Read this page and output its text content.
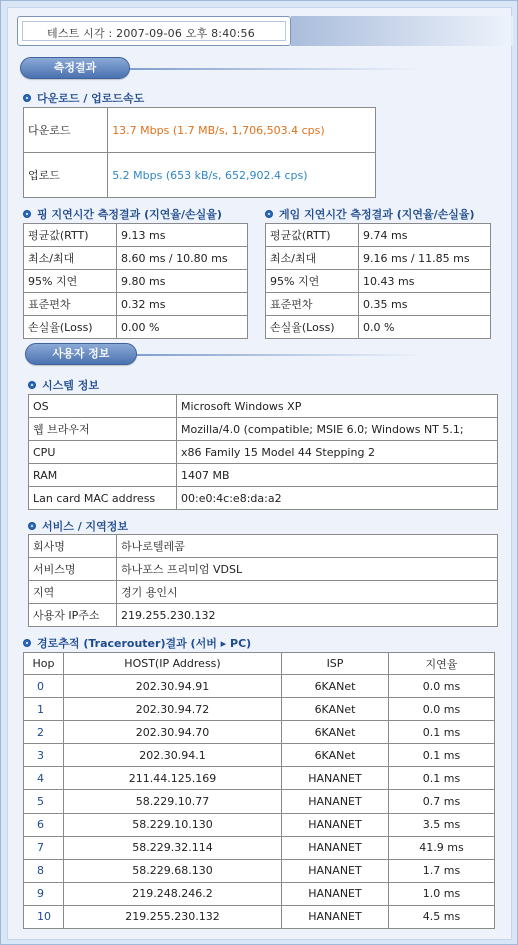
테스트 시각 : 2007-09-06 오후 8:40:56
측정결과
다운로드 / 업로드속도
다운로드	13.7 Mbps (1.7 MB/s, 1,706,503.4 cps)
업로드	5.2 Mbps (653 kB/s, 652,902.4 cps)
핑 지연시간 측정결과 (지연율/손실율)
평균값(RTT)	9.13 ms
최소/최대	8.60 ms / 10.80 ms
95% 지연	9.80 ms
표준편차	0.32 ms
손실율(Loss)	0.00 %
게임 지연시간 측정결과 (지연율/손실율)
평균값(RTT)	9.74 ms
최소/최대	9.16 ms / 11.85 ms
95% 지연	10.43 ms
표준편차	0.35 ms
손실율(Loss)	0.0 %
사용자 정보
시스템 정보
OS	Microsoft Windows XP
웹 브라우저	Mozilla/4.0 (compatible; MSIE 6.0; Windows NT 5.1;
CPU	x86 Family 15 Model 44 Stepping 2
RAM	1407 MB
Lan card MAC address	00:e0:4c:e8:da:a2
서비스 / 지역정보
회사명	하나로텔레콤
서비스명	하나포스 프리미엄 VDSL
지역	경기 용인시
사용자 IP주소	219.255.230.132
경로추적 (Tracerouter)결과 (서버 ▸ PC)
Hop	HOST(IP Address)	ISP	지연율
0	202.30.94.91	6KANet	0.0 ms
1	202.30.94.72	6KANet	0.0 ms
2	202.30.94.70	6KANet	0.1 ms
3	202.30.94.1	6KANet	0.1 ms
4	211.44.125.169	HANANET	0.1 ms
5	58.229.10.77	HANANET	0.7 ms
6	58.229.10.130	HANANET	3.5 ms
7	58.229.32.114	HANANET	41.9 ms
8	58.229.68.130	HANANET	1.7 ms
9	219.248.246.2	HANANET	1.0 ms
10	219.255.230.132	HANANET	4.5 ms
